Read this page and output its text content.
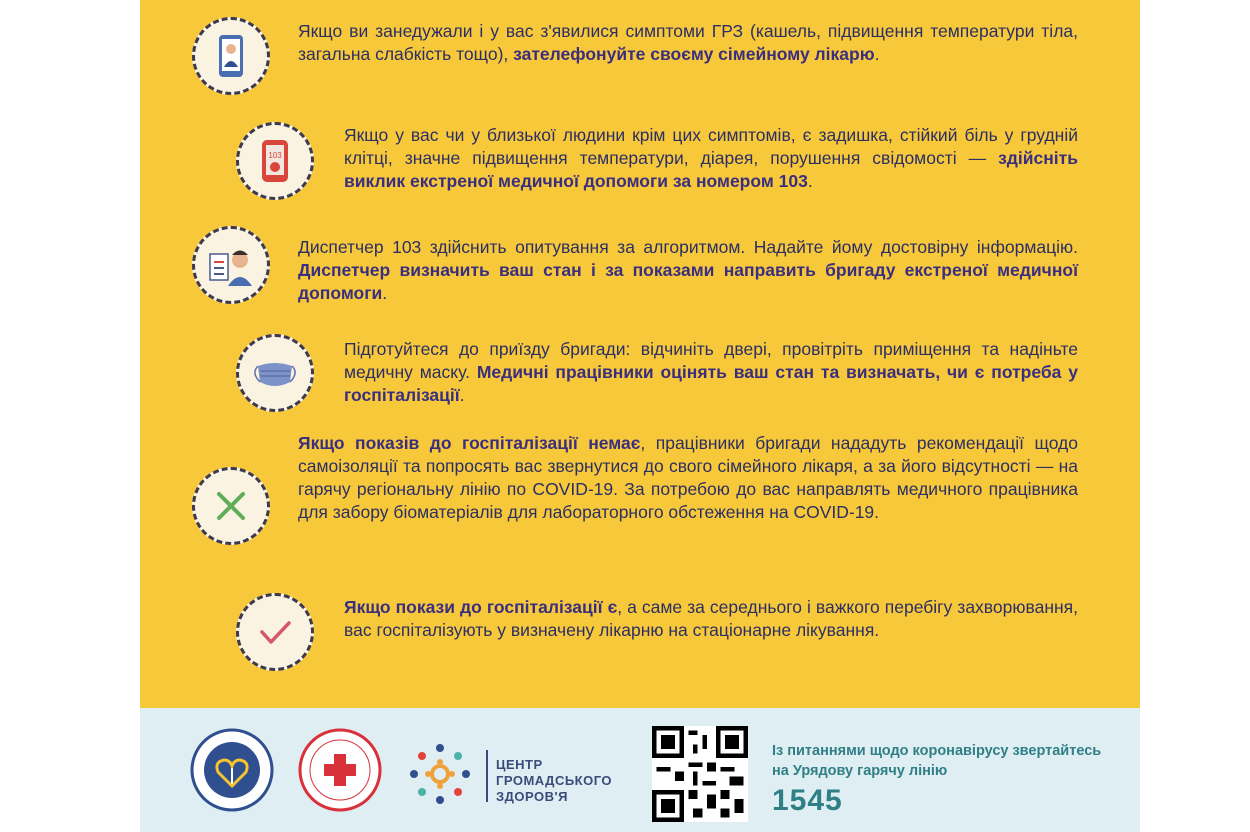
Якщо ви занедужали і у вас з'явилися симптоми ГРЗ (кашель, підвищення температури тіла, загальна слабкість тощо), зателефонуйте своєму сімейному лікарю.
103
Якщо у вас чи у близької людини крім цих симптомів, є задишка, стійкий біль у грудній клітці, значне підвищення температури, діарея, порушення свідомості — здійсніть виклик екстреної медичної допомоги за номером 103.
Диспетчер 103 здійснить опитування за алгоритмом. Надайте йому достовірну інформацію. Диспетчер визначить ваш стан і за показами направить бригаду екстреної медичної допомоги.
Підготуйтеся до приїзду бригади: відчиніть двері, провітріть приміщення та надіньте медичну маску. Медичні працівники оцінять ваш стан та визначать, чи є потреба у госпіталізації.
Якщо показів до госпіталізації немає, працівники бригади нададуть рекомендації щодо самоізоляції та попросять вас звернутися до свого сімейного лікаря, а за його відсутності — на гарячу регіональну лінію по COVID-19. За потребою до вас направлять медичного працівника для забору біоматеріалів для лабораторного обстеження на COVID-19.
Якщо покази до госпіталізації є, а саме за середнього і важкого перебігу захворювання, вас госпіталізують у визначену лікарню на стаціонарне лікування.
ЦЕНТР ГРОМАДСЬКОГО ЗДОРОВ'Я
Із питаннями щодо коронавірусу звертайтесь на Урядову гарячу лінію
1545
